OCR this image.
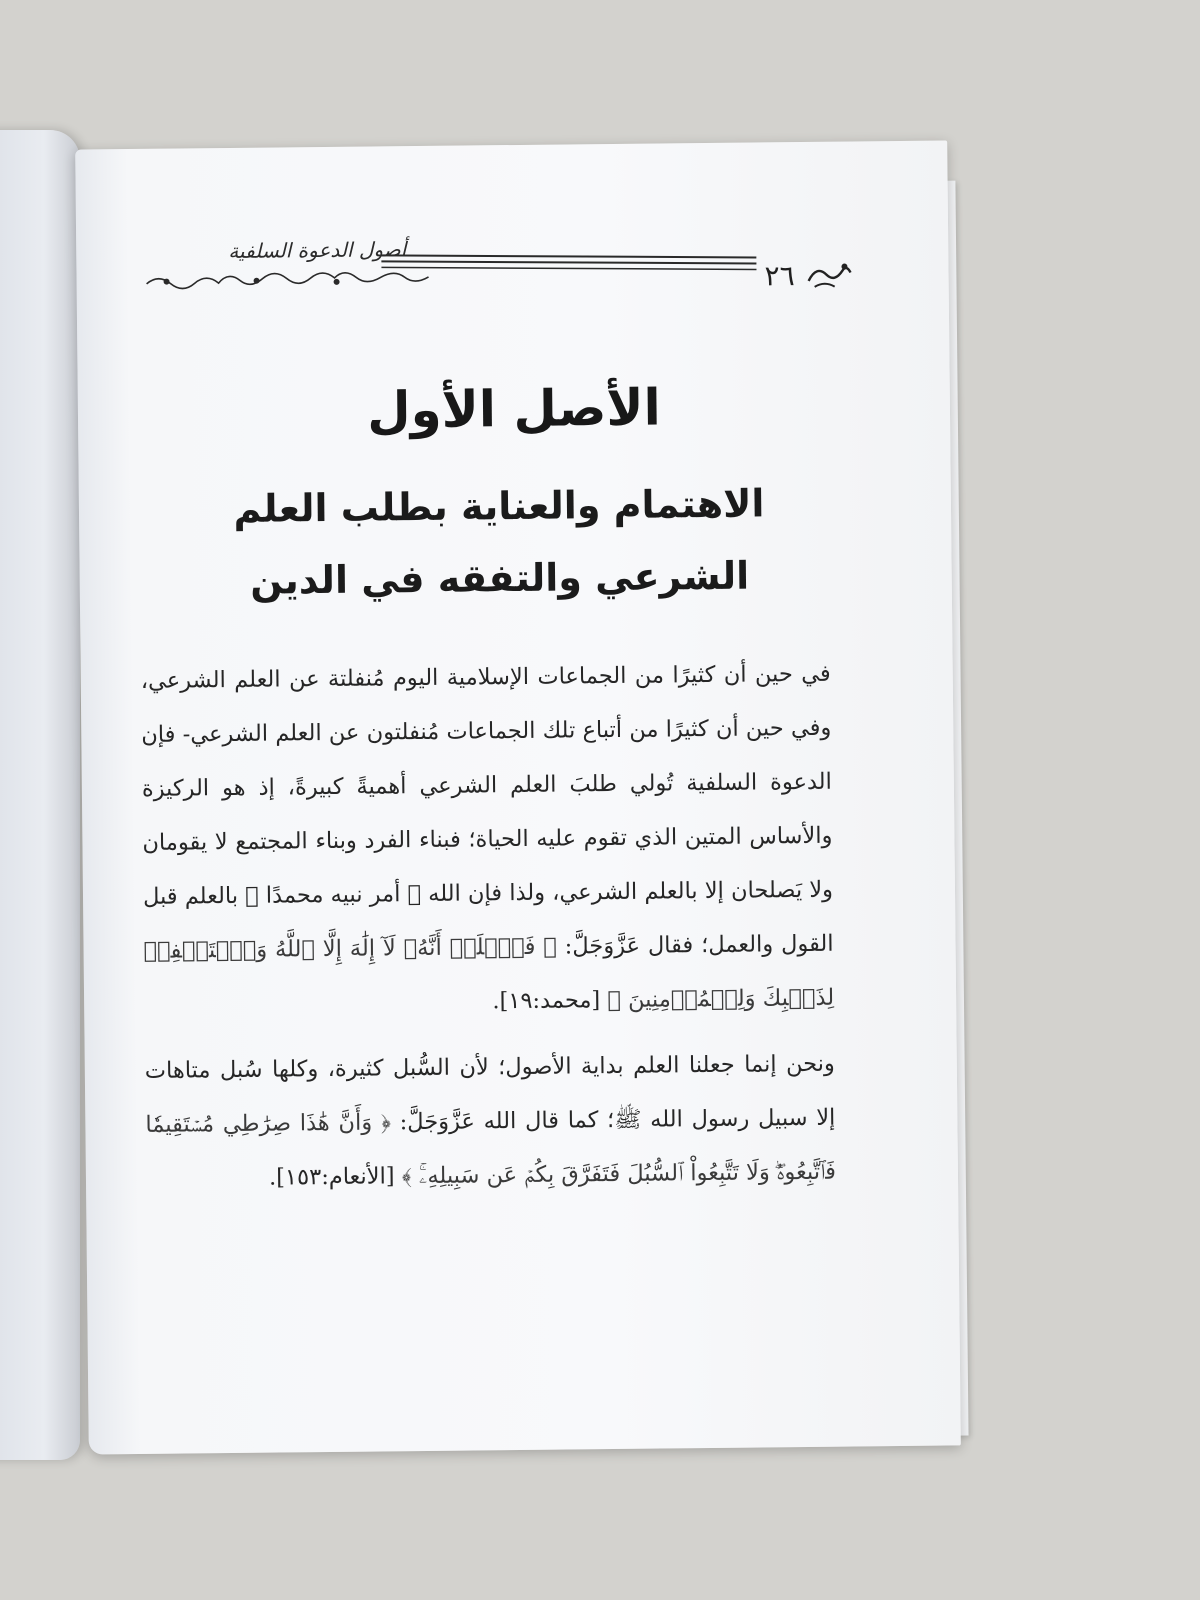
أصول الدعوة السلفية
٢٦
الأصل الأول
الاهتمام والعناية بطلب العلم الشرعي والتفقه في الدين

في حين أن كثيرًا من الجماعات الإسلامية اليوم مُنفلتة عن العلم الشرعي، وفي حين أن كثيرًا من أتباع تلك الجماعات مُنفلتون عن العلم الشرعي- فإن الدعوة السلفية تُولي طلبَ العلم الشرعي أهميةً كبيرةً، إذ هو الركيزة والأساس المتين الذي تقوم عليه الحياة؛ فبناء الفرد وبناء المجتمع لا يقومان ولا يَصلحان إلا بالعلم الشرعي، ولذا فإن الله ﷻ أمر نبيه محمدًا ﷺ بالعلم قبل القول والعمل؛ فقال عَزَّوَجَلَّ: ﴿ فَٱعۡلَمۡ أَنَّهُۥ لَآ إِلَٰهَ إِلَّا ٱللَّهُ وَٱسۡتَغۡفِرۡ لِذَنۢبِكَ وَلِلۡمُؤۡمِنِينَ ﴾ [محمد:١٩].

ونحن إنما جعلنا العلم بداية الأصول؛ لأن السُّبل كثيرة، وكلها سُبل متاهات إلا سبيل رسول الله ﷺ؛ كما قال الله عَزَّوَجَلَّ: ﴿ وَأَنَّ هَٰذَا صِرَٰطِي مُسۡتَقِيمٗا فَٱتَّبِعُوهُۖ وَلَا تَتَّبِعُواْ ٱلسُّبُلَ فَتَفَرَّقَ بِكُمۡ عَن سَبِيلِهِۦۚ ﴾ [الأنعام:١٥٣].
